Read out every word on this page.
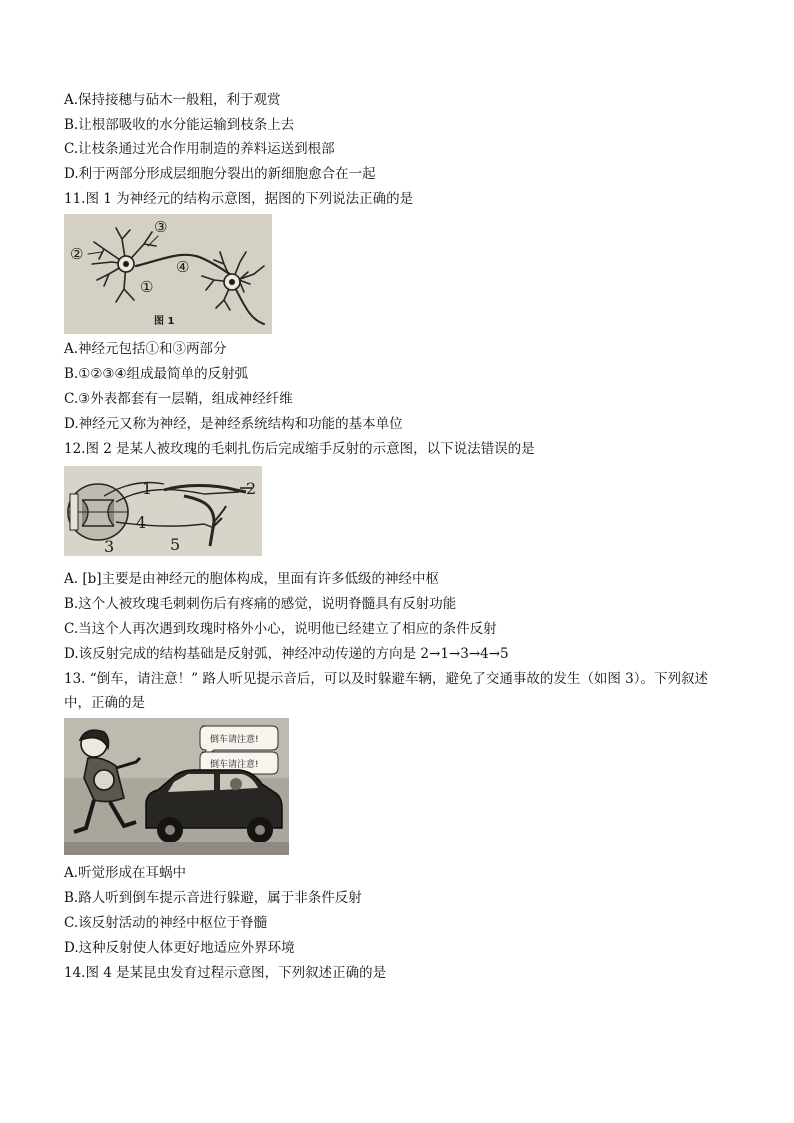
A.保持接穗与砧木一般粗，利于观赏
B.让根部吸收的水分能运输到枝条上去
C.让枝条通过光合作用制造的养料运送到根部
D.利于两部分形成层细胞分裂出的新细胞愈合在一起
11.图 1 为神经元的结构示意图，据图的下列说法正确的是
②
③
④
①
图 1
A.神经元包括①和③两部分
B.①②③④组成最简单的反射弧
C.③外表都套有一层鞘，组成神经纤维
D.神经元又称为神经，是神经系统结构和功能的基本单位
12.图 2 是某人被玫瑰的毛刺扎伤后完成缩手反射的示意图，以下说法错误的是
1	2
4
3	5
A. [b]主要是由神经元的胞体构成，里面有许多低级的神经中枢
B.这个人被玫瑰毛刺刺伤后有疼痛的感觉，说明脊髓具有反射功能
C.当这个人再次遇到玫瑰时格外小心，说明他已经建立了相应的条件反射
D.该反射完成的结构基础是反射弧，神经冲动传递的方向是 2→1→3→4→5
13. “倒车，请注意！” 路人听见提示音后，可以及时躲避车辆，避免了交通事故的发生（如图 3）。下列叙述
中，正确的是
倒车请注意!
倒车请注意!
A.听觉形成在耳蜗中
B.路人听到倒车提示音进行躲避，属于非条件反射
C.该反射活动的神经中枢位于脊髓
D.这种反射使人体更好地适应外界环境
14.图 4 是某昆虫发育过程示意图，下列叙述正确的是
